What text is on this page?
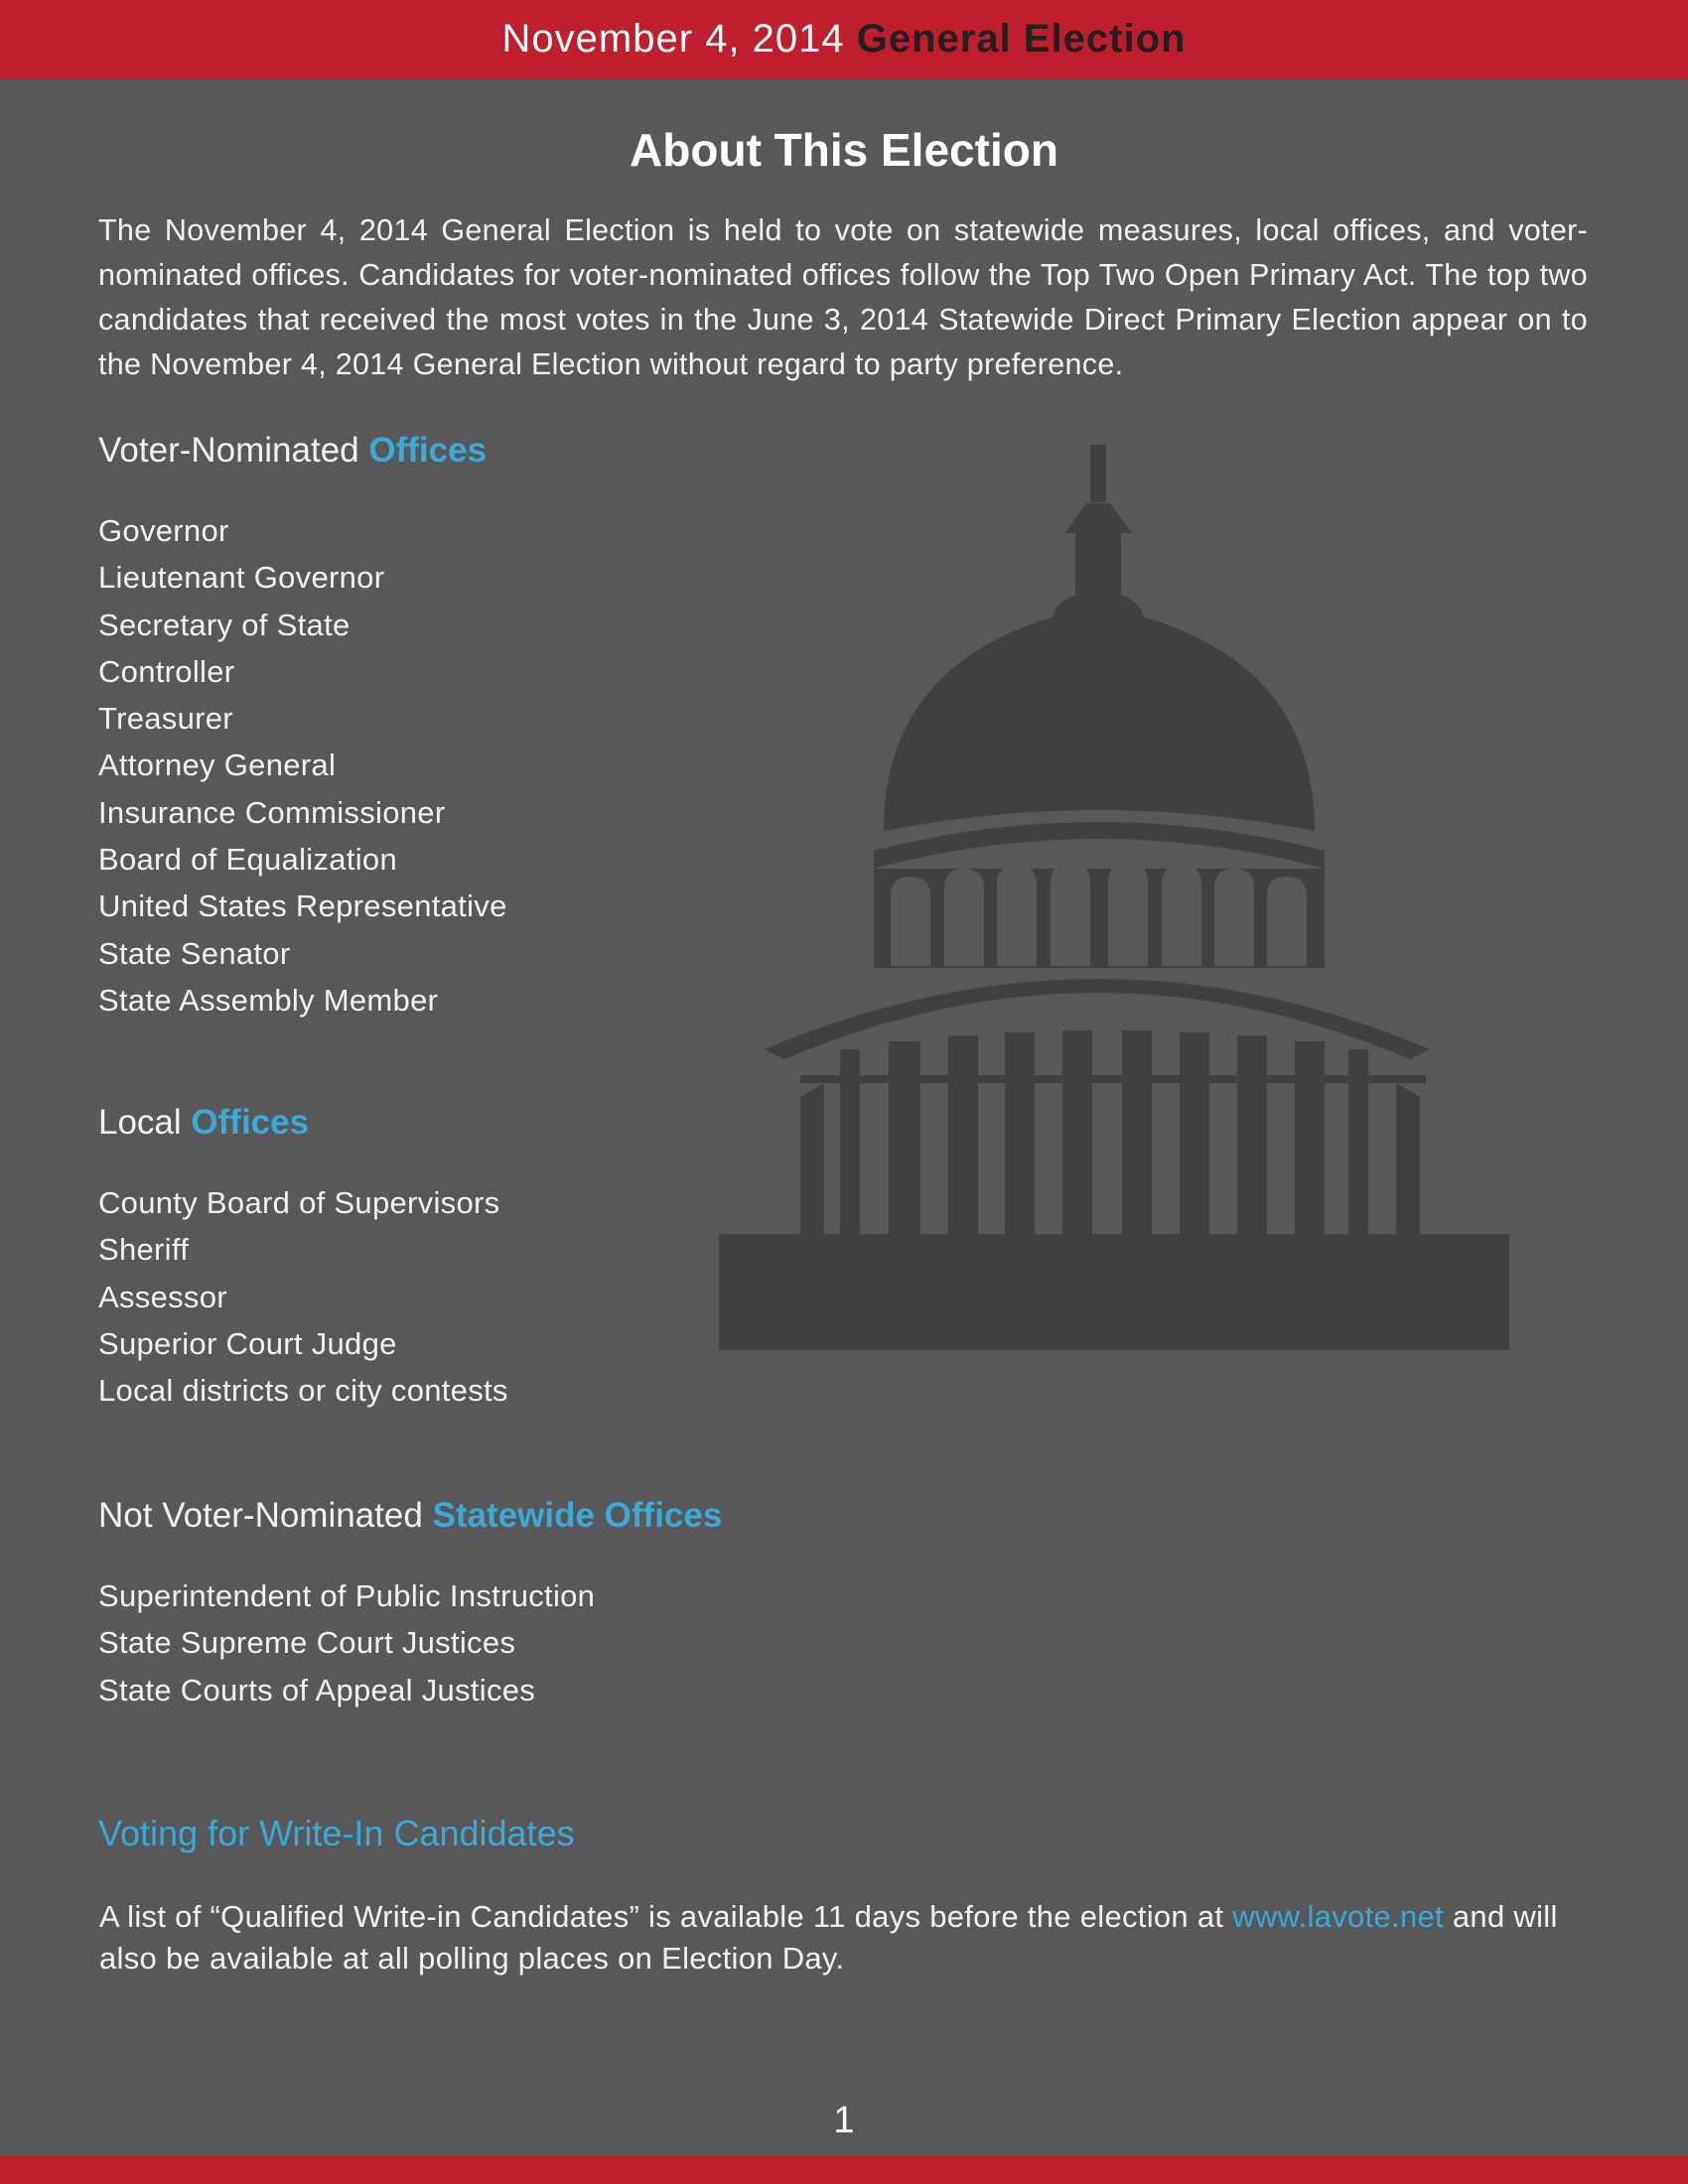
November 4, 2014 General Election
About This Election
The November 4, 2014 General Election is held to vote on statewide measures, local offices, and voter-nominated offices. Candidates for voter-nominated offices follow the Top Two Open Primary Act. The top two candidates that received the most votes in the June 3, 2014 Statewide Direct Primary Election appear on to the November 4, 2014 General Election without regard to party preference.
Voter-Nominated Offices
Governor
Lieutenant Governor
Secretary of State
Controller
Treasurer
Attorney General
Insurance Commissioner
Board of Equalization
United States Representative
State Senator
State Assembly Member
Local Offices
County Board of Supervisors
Sheriff
Assessor
Superior Court Judge
Local districts or city contests
Not Voter-Nominated Statewide Offices
Superintendent of Public Instruction
State Supreme Court Justices
State Courts of Appeal Justices
Voting for Write-In Candidates
A list of “Qualified Write-in Candidates” is available 11 days before the election at www.lavote.net and will also be available at all polling places on Election Day.
1
